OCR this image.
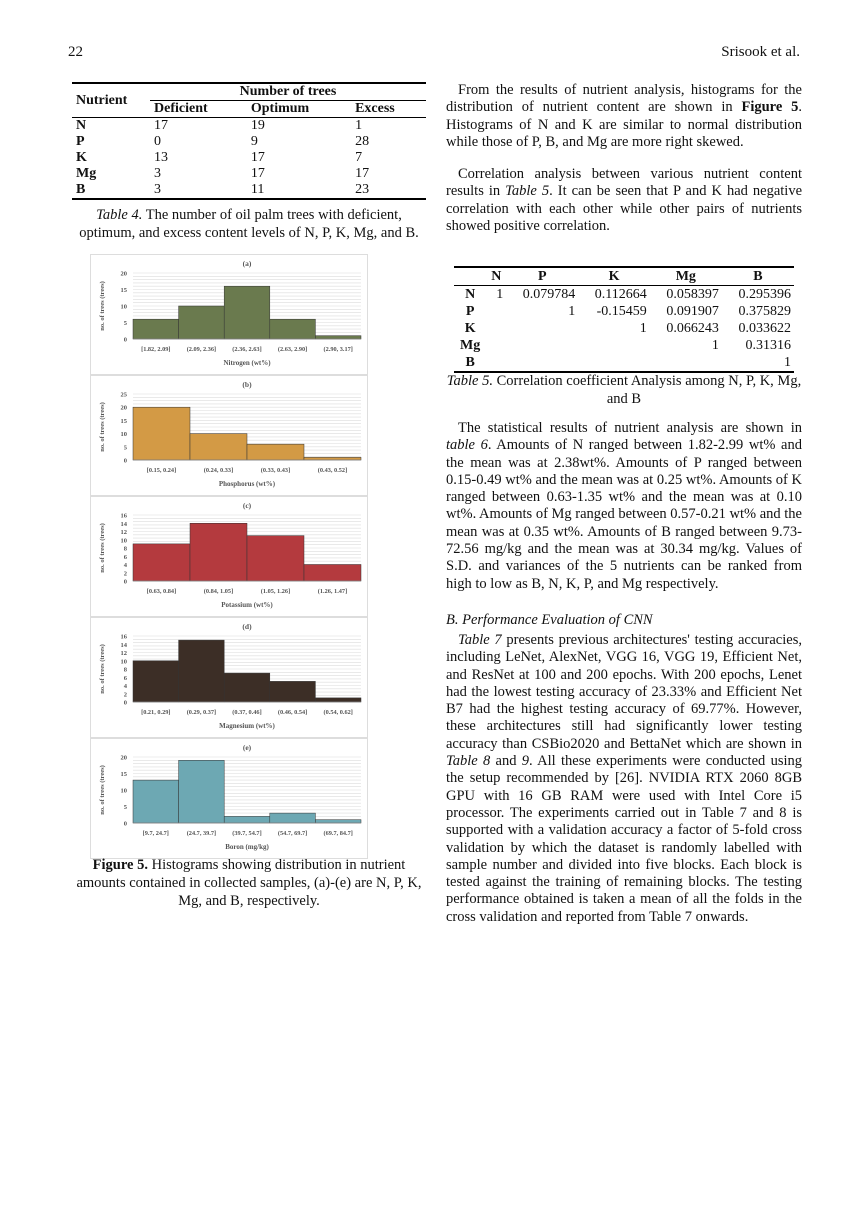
22	Srisook et al.
Nutrient	Number of trees		
	Deficient	Optimum	Excess
N	17	19	1
P	0	9	28
K	13	17	7
Mg	3	17	17
B	3	11	23
Table 4. The number of oil palm trees with deficient, optimum, and excess content levels of N, P, K, Mg, and B.
0
5
10
15
20
[1.82, 2.09]	(2.09, 2.36]	(2.36, 2.63]	(2.63, 2.90]	(2.90, 3.17]
(a)
Nitrogen (wt%)
no. of trees (trees)
0
5
10
15
20
25
[0.15, 0.24]	(0.24, 0.33]	(0.33, 0.43]	(0.43, 0.52]
(b)
Phosphorus (wt%)
no. of trees (trees)
0
2
4
6
8
10
12
14
16
[0.63, 0.84]	(0.84, 1.05]	(1.05, 1.26]	(1.26, 1.47]
(c)
Potassium (wt%)
no. of trees (trees)
0
2
4
6
8
10
12
14
16
[0.21, 0.29]	(0.29, 0.37]	(0.37, 0.46]	(0.46, 0.54]	(0.54, 0.62]
(d)
Magnesium (wt%)
no. of trees (trees)
0
5
10
15
20
[9.7, 24.7]	(24.7, 39.7]	(39.7, 54.7]	(54.7, 69.7]	(69.7, 84.7]
(e)
Boron (mg/kg)
no. of trees (trees)
Figure 5. Histograms showing distribution in nutrient amounts contained in collected samples, (a)-(e) are N, P, K, Mg, and B, respectively.
From the results of nutrient analysis, histograms for the distribution of nutrient content are shown in Figure 5. Histograms of N and K are similar to normal distribution while those of P, B, and Mg are more right skewed.
Correlation analysis between various nutrient content results in Table 5. It can be seen that P and K had negative correlation with each other while other pairs of nutrients showed positive correlation.
	N	P	K	Mg	B
N	1	0.079784	0.112664	0.058397	0.295396
P		1	-0.15459	0.091907	0.375829
K			1	0.066243	0.033622
Mg				1	0.31316
B					1
Table 5. Correlation coefficient Analysis among N, P, K, Mg, and B
The statistical results of nutrient analysis are shown in table 6. Amounts of N ranged between 1.82-2.99 wt% and the mean was at 2.38wt%. Amounts of P ranged between 0.15-0.49 wt% and the mean was at 0.25 wt%. Amounts of K ranged between 0.63-1.35 wt% and the mean was at 0.10 wt%. Amounts of Mg ranged between 0.57-0.21 wt% and the mean was at 0.35 wt%. Amounts of B ranged between 9.73-72.56 mg/kg and the mean was at 30.34 mg/kg. Values of S.D. and variances of the 5 nutrients can be ranked from high to low as B, N, K, P, and Mg respectively.
B. Performance Evaluation of CNN
Table 7 presents previous architectures' testing accuracies, including LeNet, AlexNet, VGG 16, VGG 19, Efficient Net, and ResNet at 100 and 200 epochs. With 200 epochs, Lenet had the lowest testing accuracy of 23.33% and Efficient Net B7 had the highest testing accuracy of 69.77%. However, these architectures still had significantly lower testing accuracy than CSBio2020 and BettaNet which are shown in Table 8 and 9. All these experiments were conducted using the setup recommended by [26]. NVIDIA RTX 2060 8GB GPU with 16 GB RAM were used with Intel Core i5 processor. The experiments carried out in Table 7 and 8 is supported with a validation accuracy a factor of 5-fold cross validation by which the dataset is randomly labelled with sample number and divided into five blocks. Each block is tested against the training of remaining blocks. The testing performance obtained is taken a mean of all the folds in the cross validation and reported from Table 7 onwards.
